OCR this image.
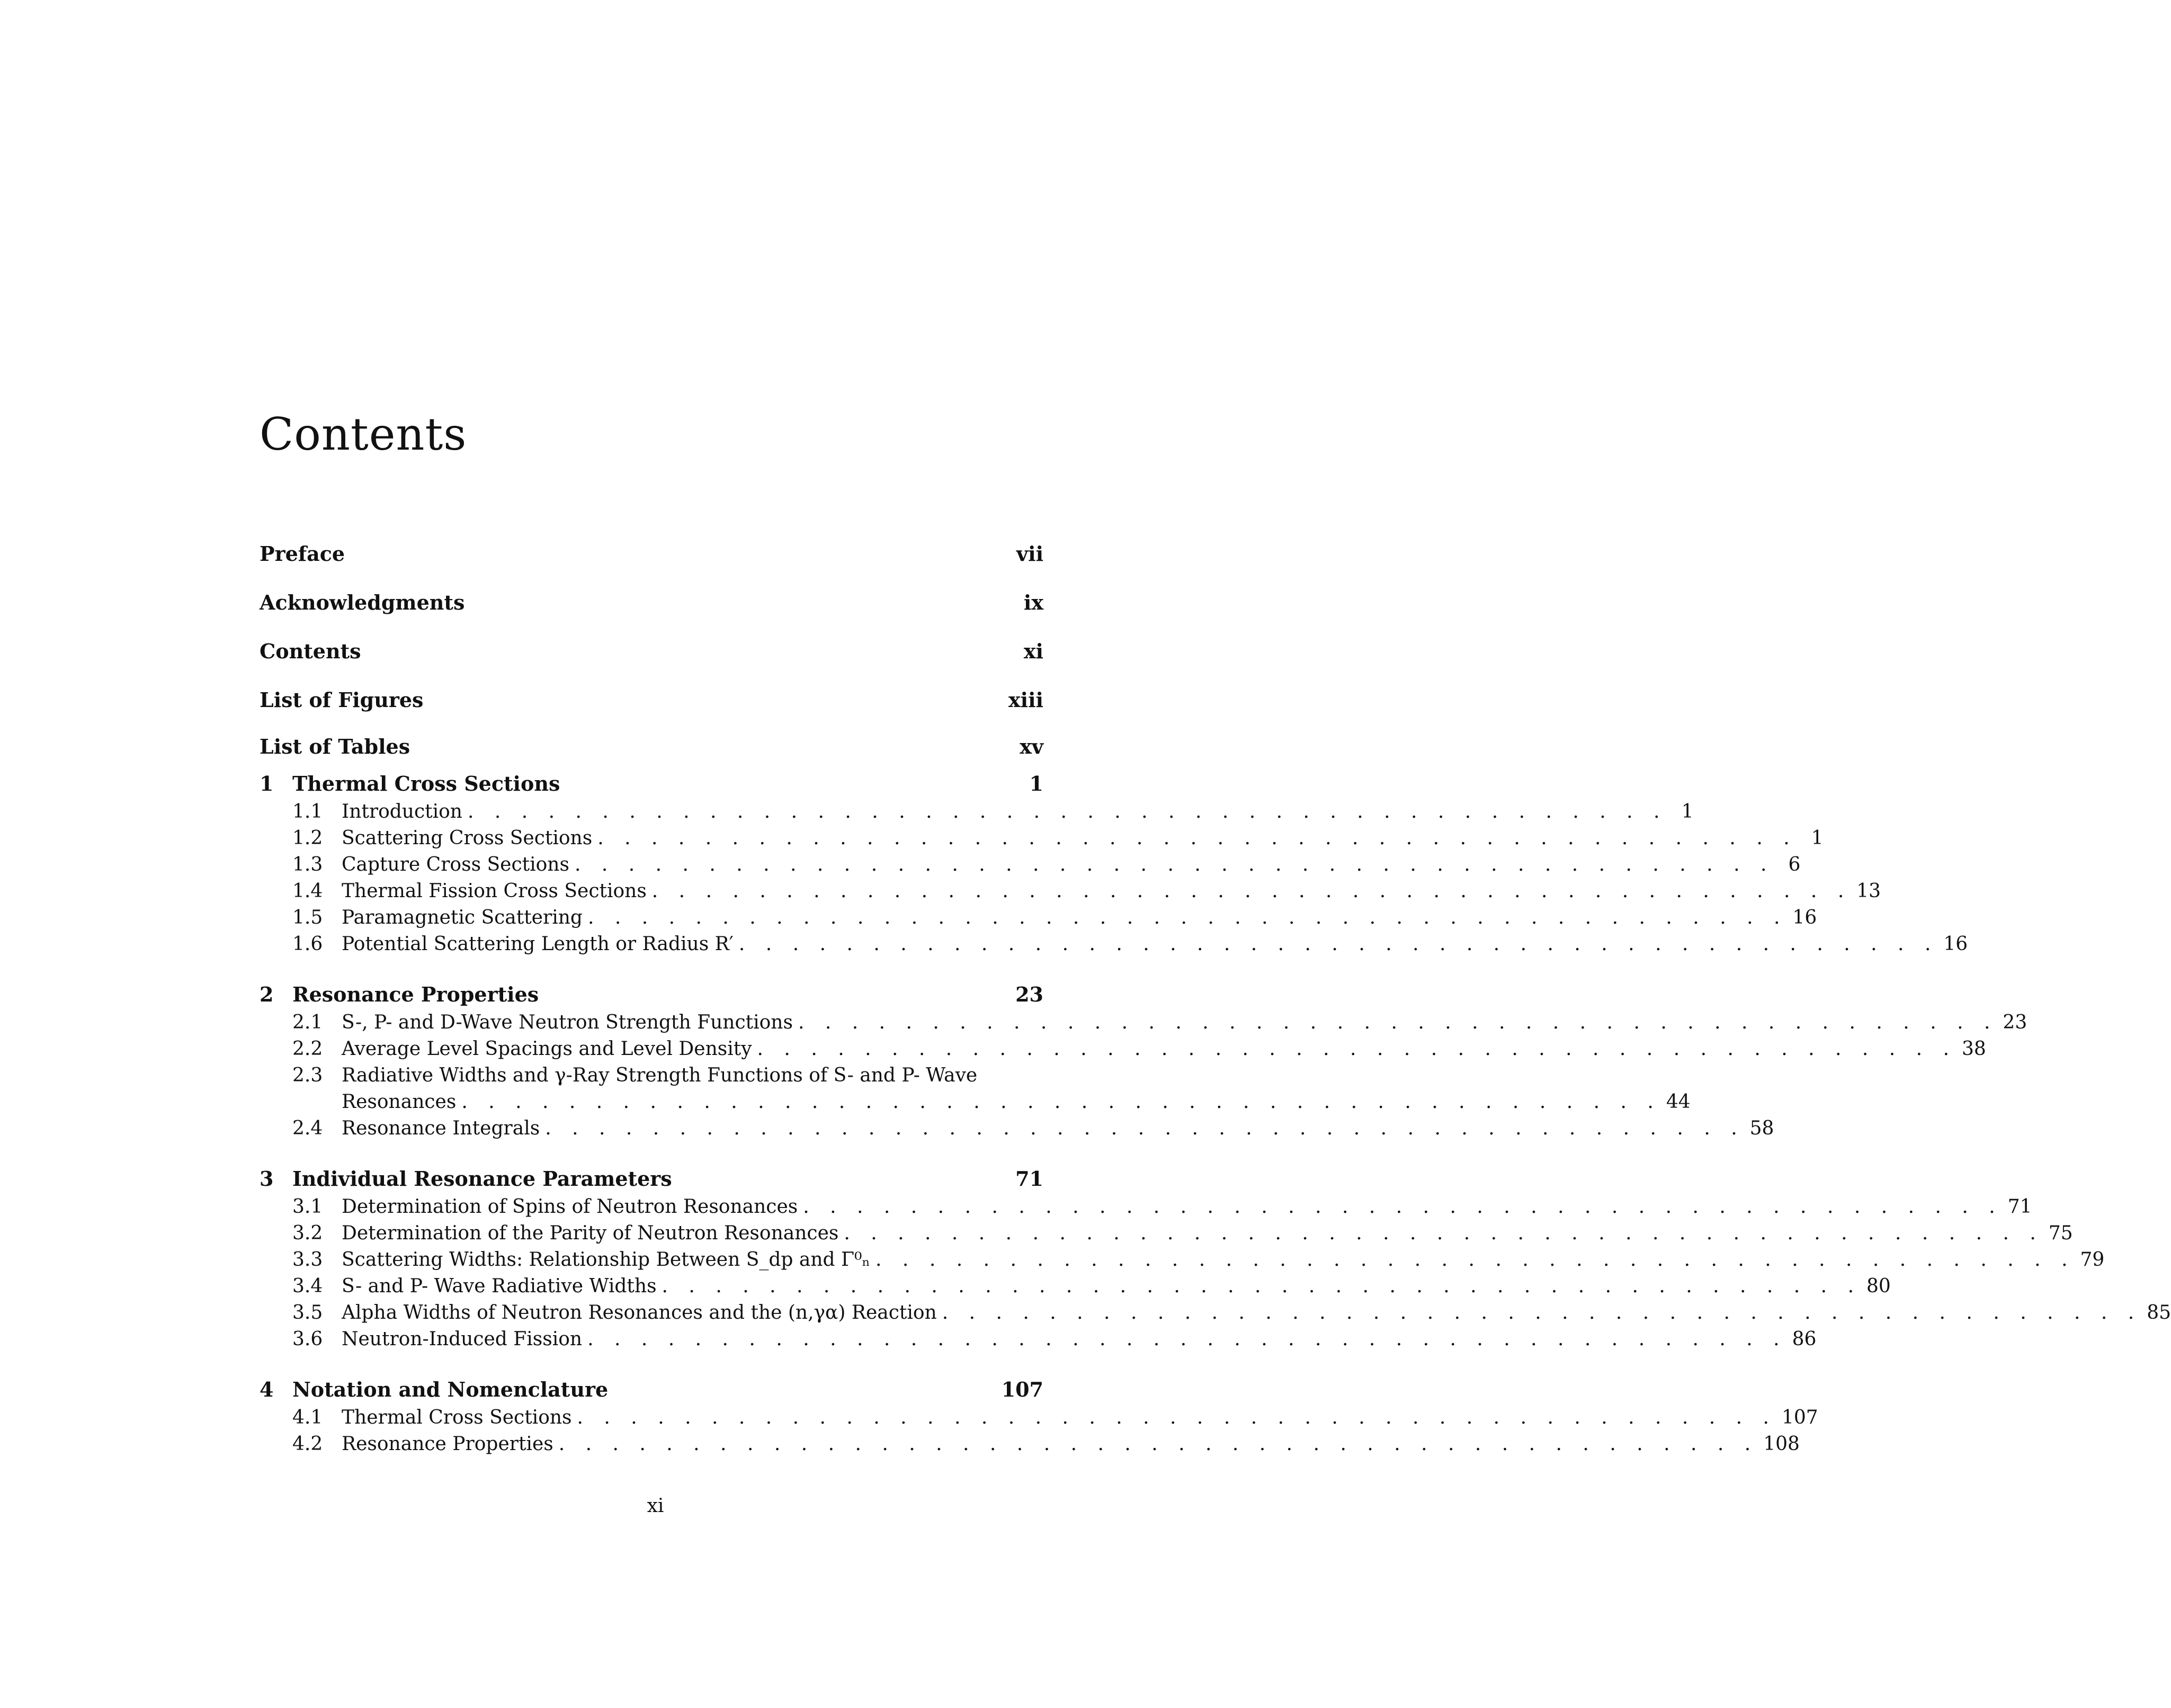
Contents
Preface	vii
Acknowledgments	ix
Contents	xi
List of Figures	xiii
List of Tables	xv
1 Thermal Cross Sections	1
1.1 Introduction . . . . . . . . . . . . . . . . . . . . . . . . . . . . . . . . . . . . . . . . . . . . . 1
1.2 Scattering Cross Sections . . . . . . . . . . . . . . . . . . . . . . . . . . . . . . . . . . . . . . . . . . . . . 1
1.3 Capture Cross Sections . . . . . . . . . . . . . . . . . . . . . . . . . . . . . . . . . . . . . . . . . . . . . 6
1.4 Thermal Fission Cross Sections . . . . . . . . . . . . . . . . . . . . . . . . . . . . . . . . . . . . . . . . . . . . . 13
1.5 Paramagnetic Scattering . . . . . . . . . . . . . . . . . . . . . . . . . . . . . . . . . . . . . . . . . . . . . 16
1.6 Potential Scattering Length or Radius R′ . . . . . . . . . . . . . . . . . . . . . . . . . . . . . . . . . . . . . . . . . . . . . 16
2 Resonance Properties	23
2.1 S-, P- and D-Wave Neutron Strength Functions . . . . . . . . . . . . . . . . . . . . . . . . . . . . . . . . . . . . . . . . . . . . . 23
2.2 Average Level Spacings and Level Density . . . . . . . . . . . . . . . . . . . . . . . . . . . . . . . . . . . . . . . . . . . . . 38
2.3 Radiative Widths and γ-Ray Strength Functions of S- and P- Wave
Resonances . . . . . . . . . . . . . . . . . . . . . . . . . . . . . . . . . . . . . . . . . . . . . 44
2.4 Resonance Integrals . . . . . . . . . . . . . . . . . . . . . . . . . . . . . . . . . . . . . . . . . . . . . 58
3 Individual Resonance Parameters	71
3.1 Determination of Spins of Neutron Resonances . . . . . . . . . . . . . . . . . . . . . . . . . . . . . . . . . . . . . . . . . . . . . 71
3.2 Determination of the Parity of Neutron Resonances . . . . . . . . . . . . . . . . . . . . . . . . . . . . . . . . . . . . . . . . . . . . . 75
3.3 Scattering Widths: Relationship Between S_dp and Γ⁰ₙ . . . . . . . . . . . . . . . . . . . . . . . . . . . . . . . . . . . . . . . . . . . . . 79
3.4 S- and P- Wave Radiative Widths . . . . . . . . . . . . . . . . . . . . . . . . . . . . . . . . . . . . . . . . . . . . . 80
3.5 Alpha Widths of Neutron Resonances and the (n,γα) Reaction . . . . . . . . . . . . . . . . . . . . . . . . . . . . . . . . . . . . . . . . . . . . . 85
3.6 Neutron-Induced Fission . . . . . . . . . . . . . . . . . . . . . . . . . . . . . . . . . . . . . . . . . . . . . 86
4 Notation and Nomenclature	107
4.1 Thermal Cross Sections . . . . . . . . . . . . . . . . . . . . . . . . . . . . . . . . . . . . . . . . . . . . . 107
4.2 Resonance Properties . . . . . . . . . . . . . . . . . . . . . . . . . . . . . . . . . . . . . . . . . . . . . 108
xi
